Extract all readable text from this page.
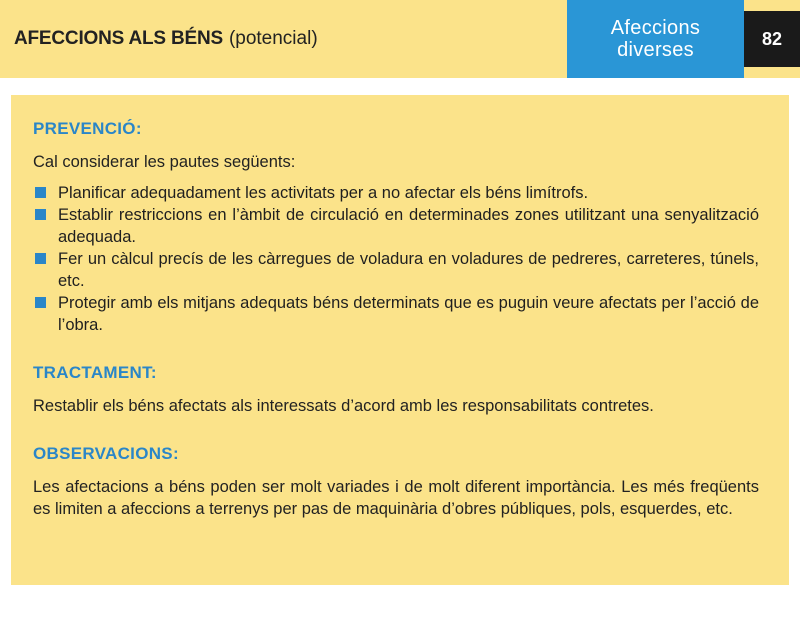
AFECCIONS ALS BÉNS (potencial)	Afeccions diverses
82
PREVENCIÓ:
Cal considerar les pautes següents:
Planificar adequadament les activitats per a no afectar els béns limítrofs.
Establir restriccions en l’àmbit de circulació en determinades zones utilitzant una senyalització adequada.
Fer un càlcul precís de les càrregues de voladura en voladures de pedreres, carreteres, túnels, etc.
Protegir amb els mitjans adequats béns determinats que es puguin veure afectats per l’acció de l’obra.
TRACTAMENT:
Restablir els béns afectats als interessats d’acord amb les responsabilitats contretes.
OBSERVACIONS:
Les afectacions a béns poden ser molt variades i de molt diferent importància. Les més freqüents es limiten a afeccions a terrenys per pas de maquinària d’obres públiques, pols, esquerdes, etc.
